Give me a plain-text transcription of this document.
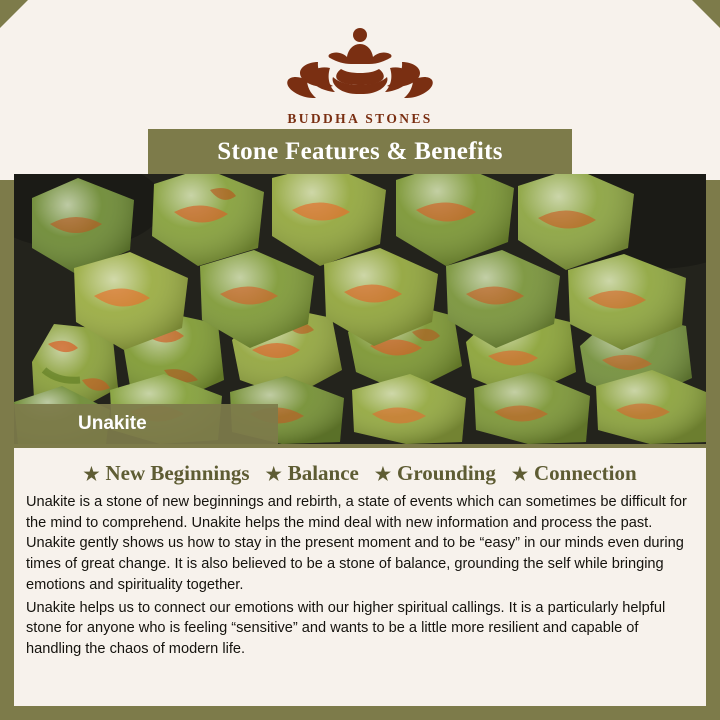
BUDDHA STONES
Stone Features & Benefits
Unakite
★ New Beginnings ★ Balance ★ Grounding ★ Connection

Unakite is a stone of new beginnings and rebirth, a state of events which can sometimes be difficult for the mind to comprehend. Unakite helps the mind deal with new information and process the past. Unakite gently shows us how to stay in the present moment and to be “easy” in our minds even during times of great change. It is also believed to be a stone of balance, grounding the self while bringing emotions and spirituality together.

Unakite helps us to connect our emotions with our higher spiritual callings. It is a particularly helpful stone for anyone who is feeling “sensitive” and wants to be a little more resilient and capable of handling the chaos of modern life.
